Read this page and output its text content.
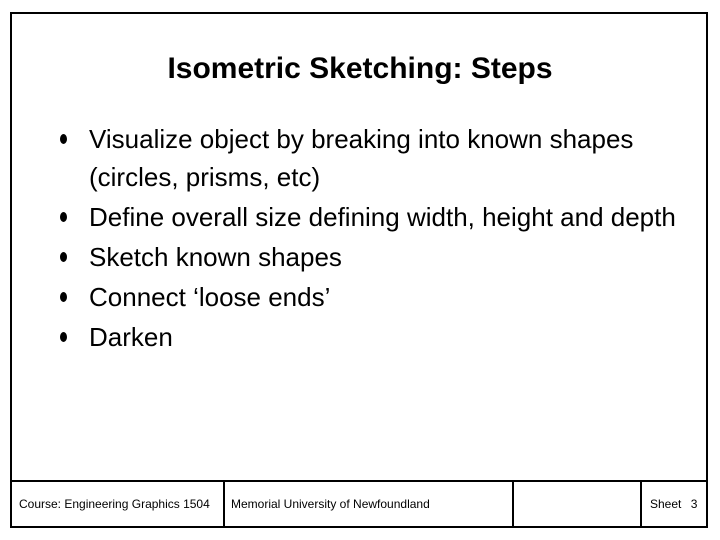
Isometric Sketching: Steps
Visualize object by breaking into known shapes (circles, prisms, etc)
Define overall size defining width, height and depth
Sketch known shapes
Connect ‘loose ends’
Darken
Course: Engineering Graphics 1504	Memorial University of Newfoundland	Sheet 3
